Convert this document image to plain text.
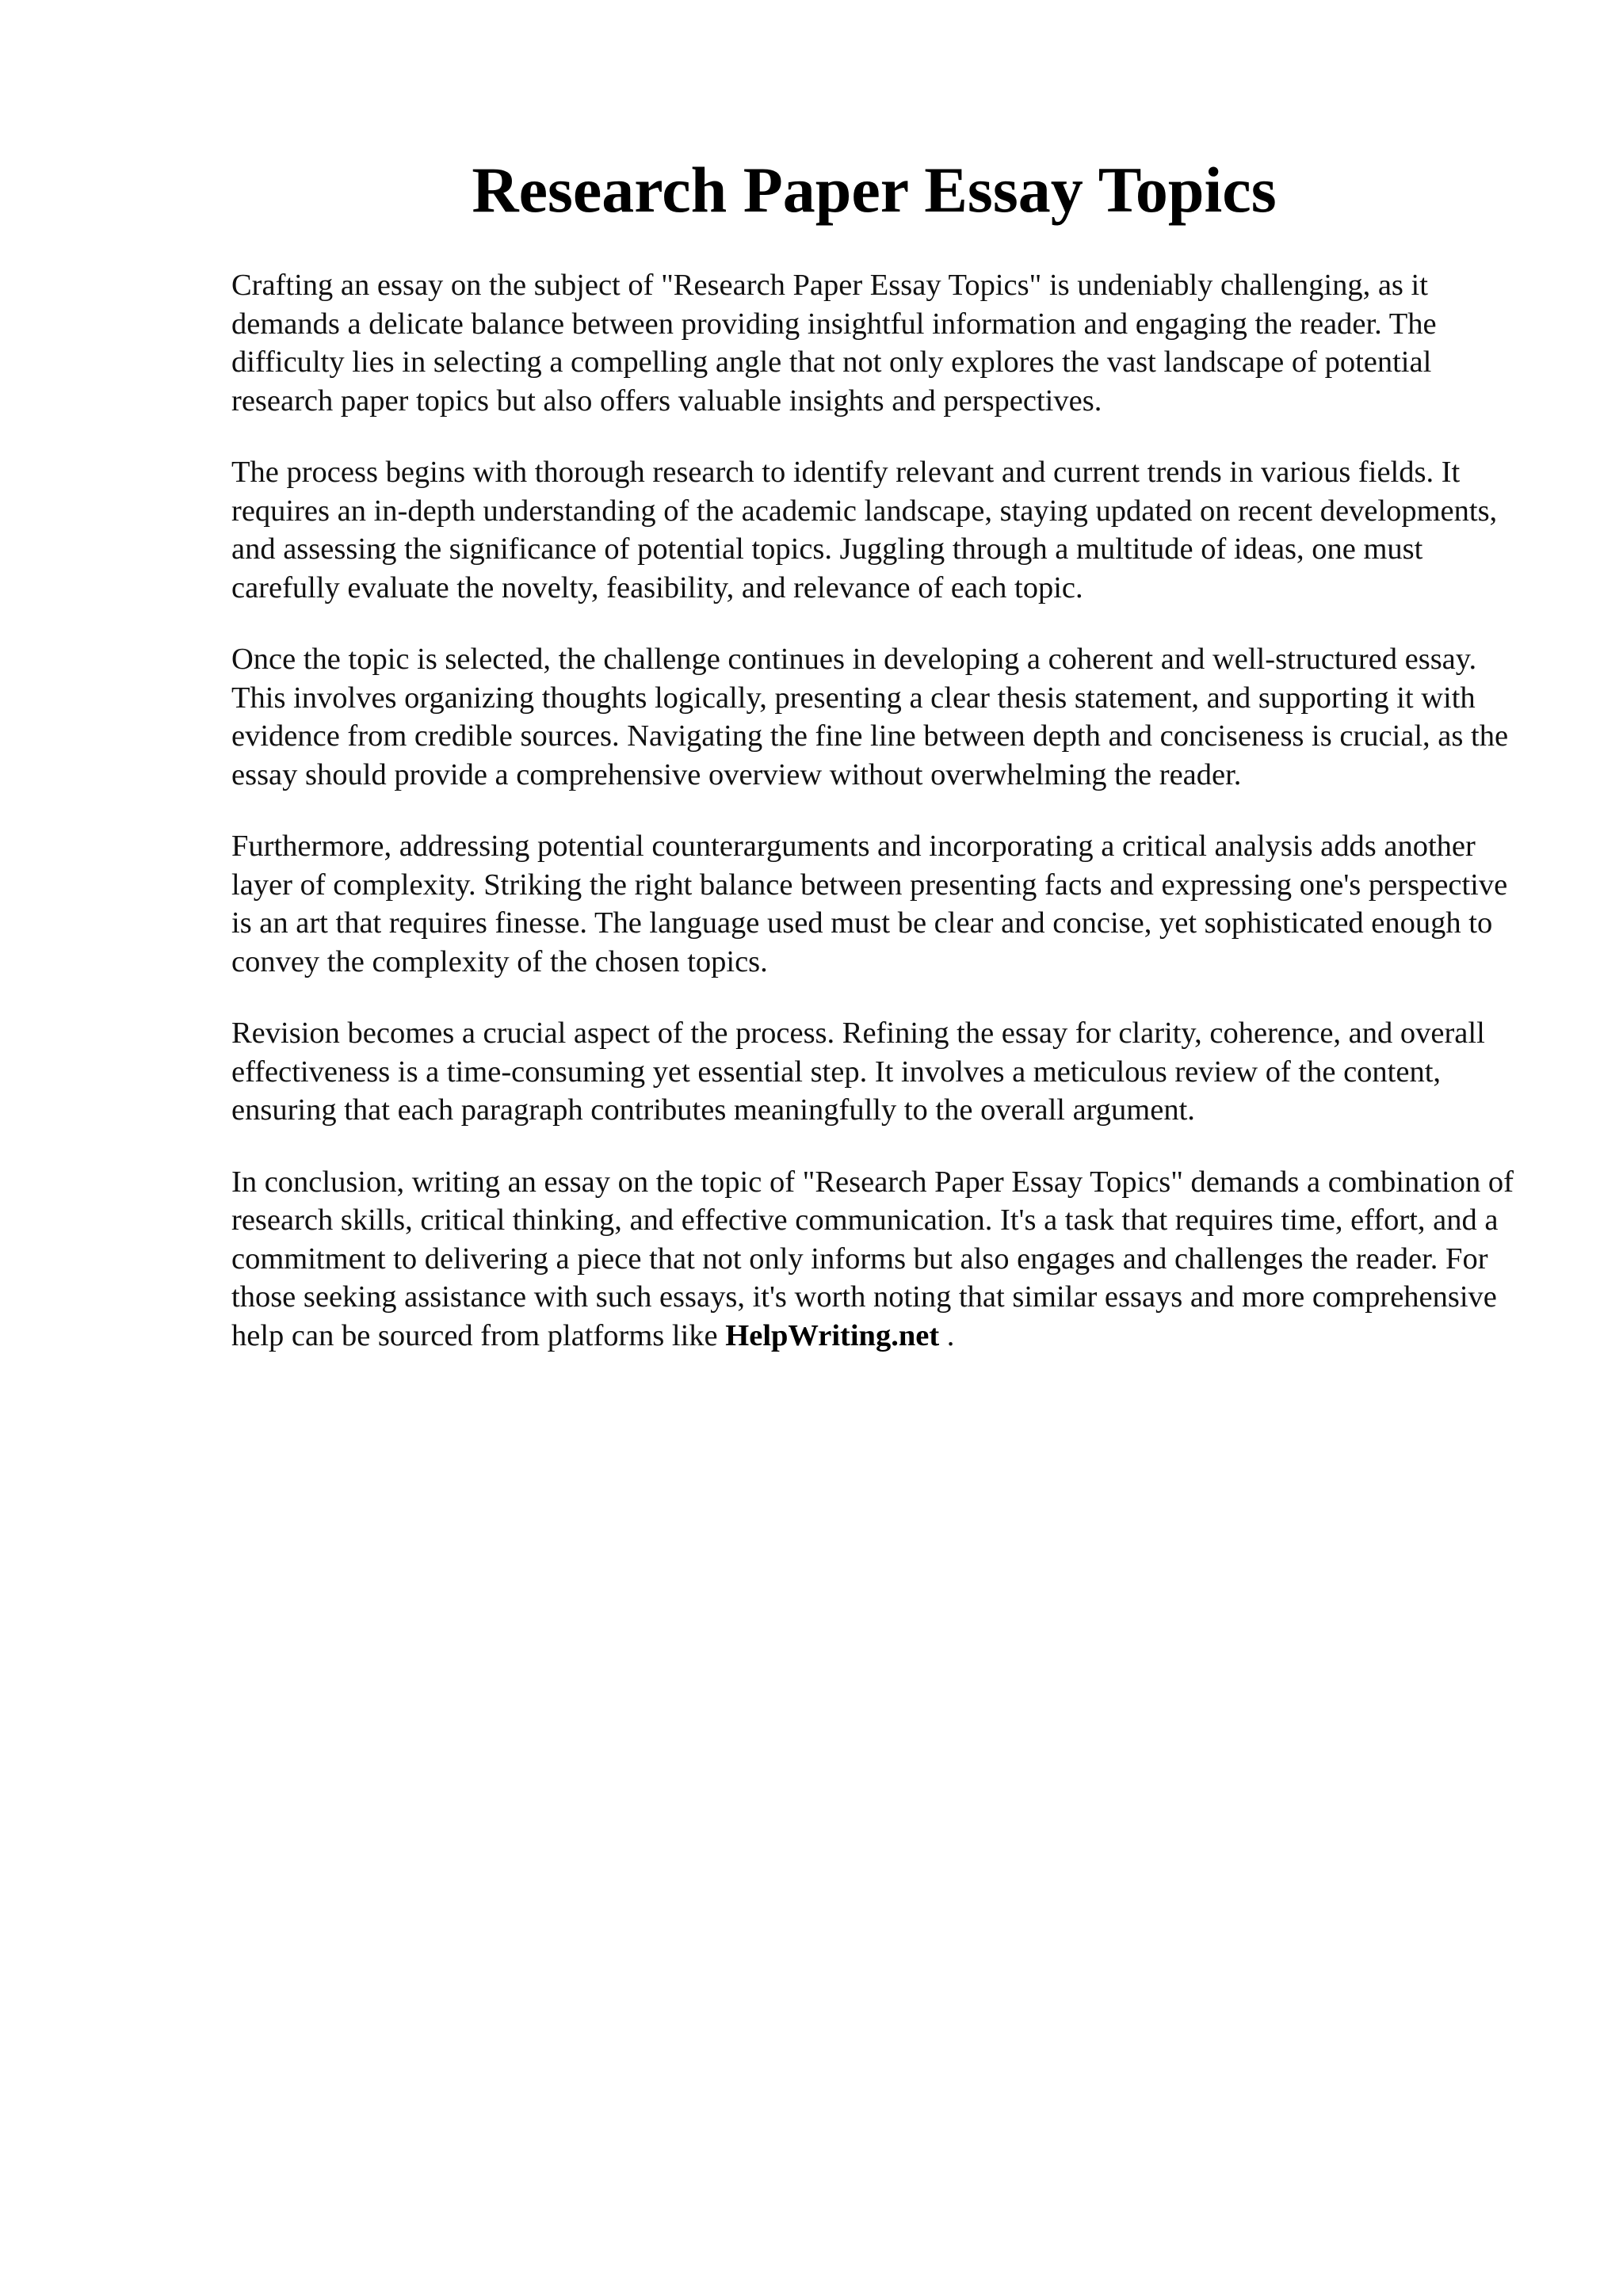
Research Paper Essay Topics

Crafting an essay on the subject of "Research Paper Essay Topics" is undeniably challenging, as it demands a delicate balance between providing insightful information and engaging the reader. The difficulty lies in selecting a compelling angle that not only explores the vast landscape of potential research paper topics but also offers valuable insights and perspectives.

The process begins with thorough research to identify relevant and current trends in various fields. It requires an in-depth understanding of the academic landscape, staying updated on recent developments, and assessing the significance of potential topics. Juggling through a multitude of ideas, one must carefully evaluate the novelty, feasibility, and relevance of each topic.

Once the topic is selected, the challenge continues in developing a coherent and well-structured essay. This involves organizing thoughts logically, presenting a clear thesis statement, and supporting it with evidence from credible sources. Navigating the fine line between depth and conciseness is crucial, as the essay should provide a comprehensive overview without overwhelming the reader.

Furthermore, addressing potential counterarguments and incorporating a critical analysis adds another layer of complexity. Striking the right balance between presenting facts and expressing one's perspective is an art that requires finesse. The language used must be clear and concise, yet sophisticated enough to convey the complexity of the chosen topics.

Revision becomes a crucial aspect of the process. Refining the essay for clarity, coherence, and overall effectiveness is a time-consuming yet essential step. It involves a meticulous review of the content, ensuring that each paragraph contributes meaningfully to the overall argument.

In conclusion, writing an essay on the topic of "Research Paper Essay Topics" demands a combination of research skills, critical thinking, and effective communication. It's a task that requires time, effort, and a commitment to delivering a piece that not only informs but also engages and challenges the reader. For those seeking assistance with such essays, it's worth noting that similar essays and more comprehensive help can be sourced from platforms like HelpWriting.net .
